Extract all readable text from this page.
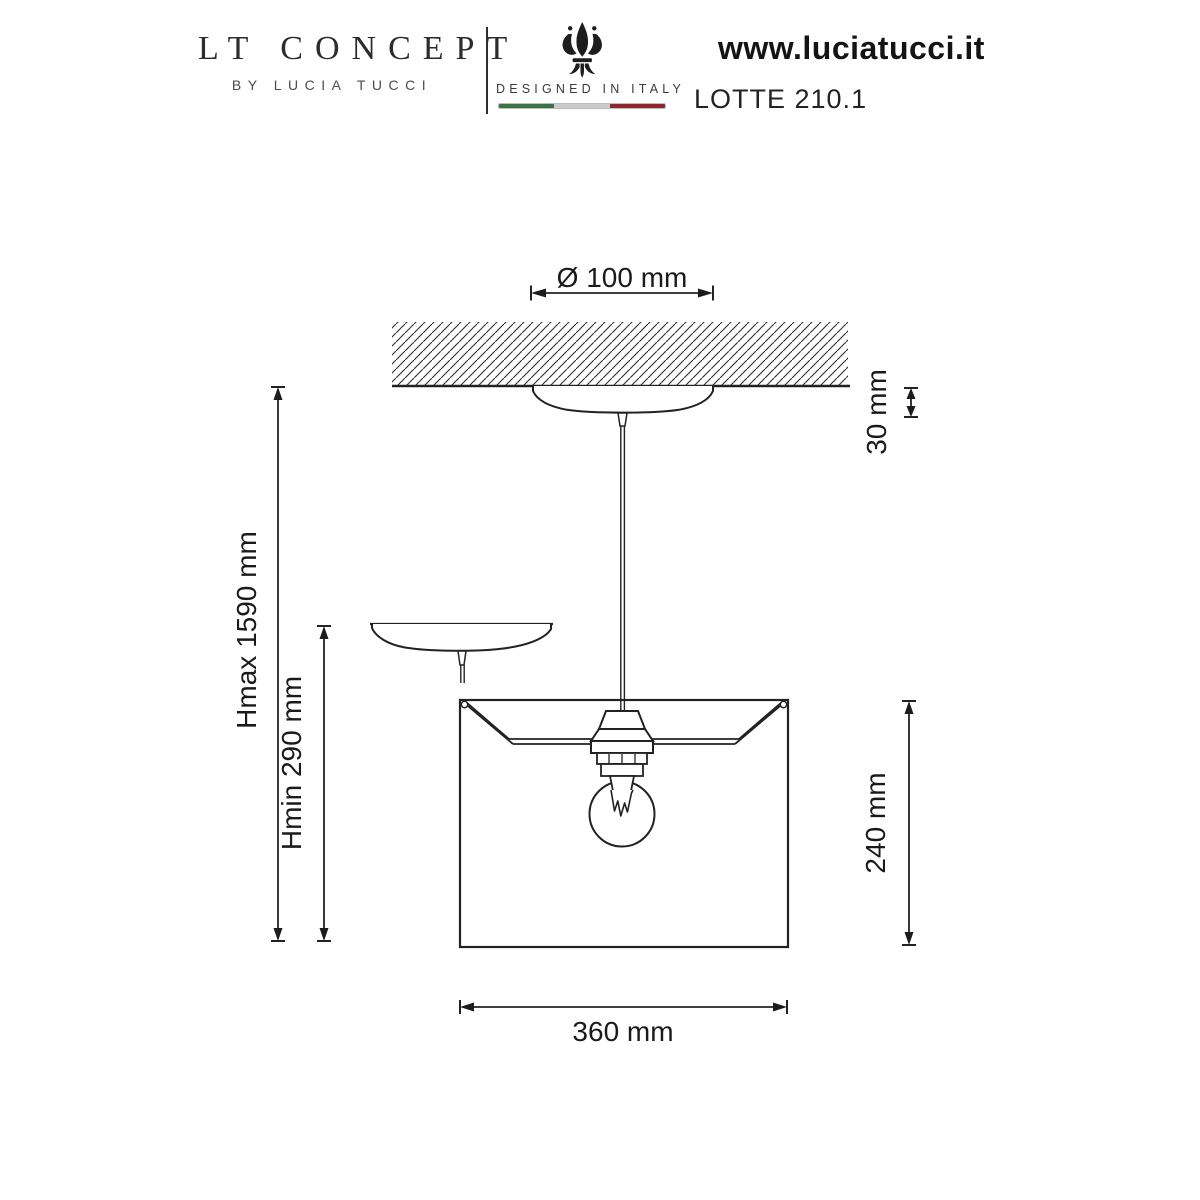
LT CONCEPT
BY LUCIA TUCCI	DESIGNED IN ITALY
www.luciatucci.it
LOTTE 210.1
Ø 100 mm
30 mm
Hmax 1590 mm
Hmin 290 mm	240 mm
360 mm
